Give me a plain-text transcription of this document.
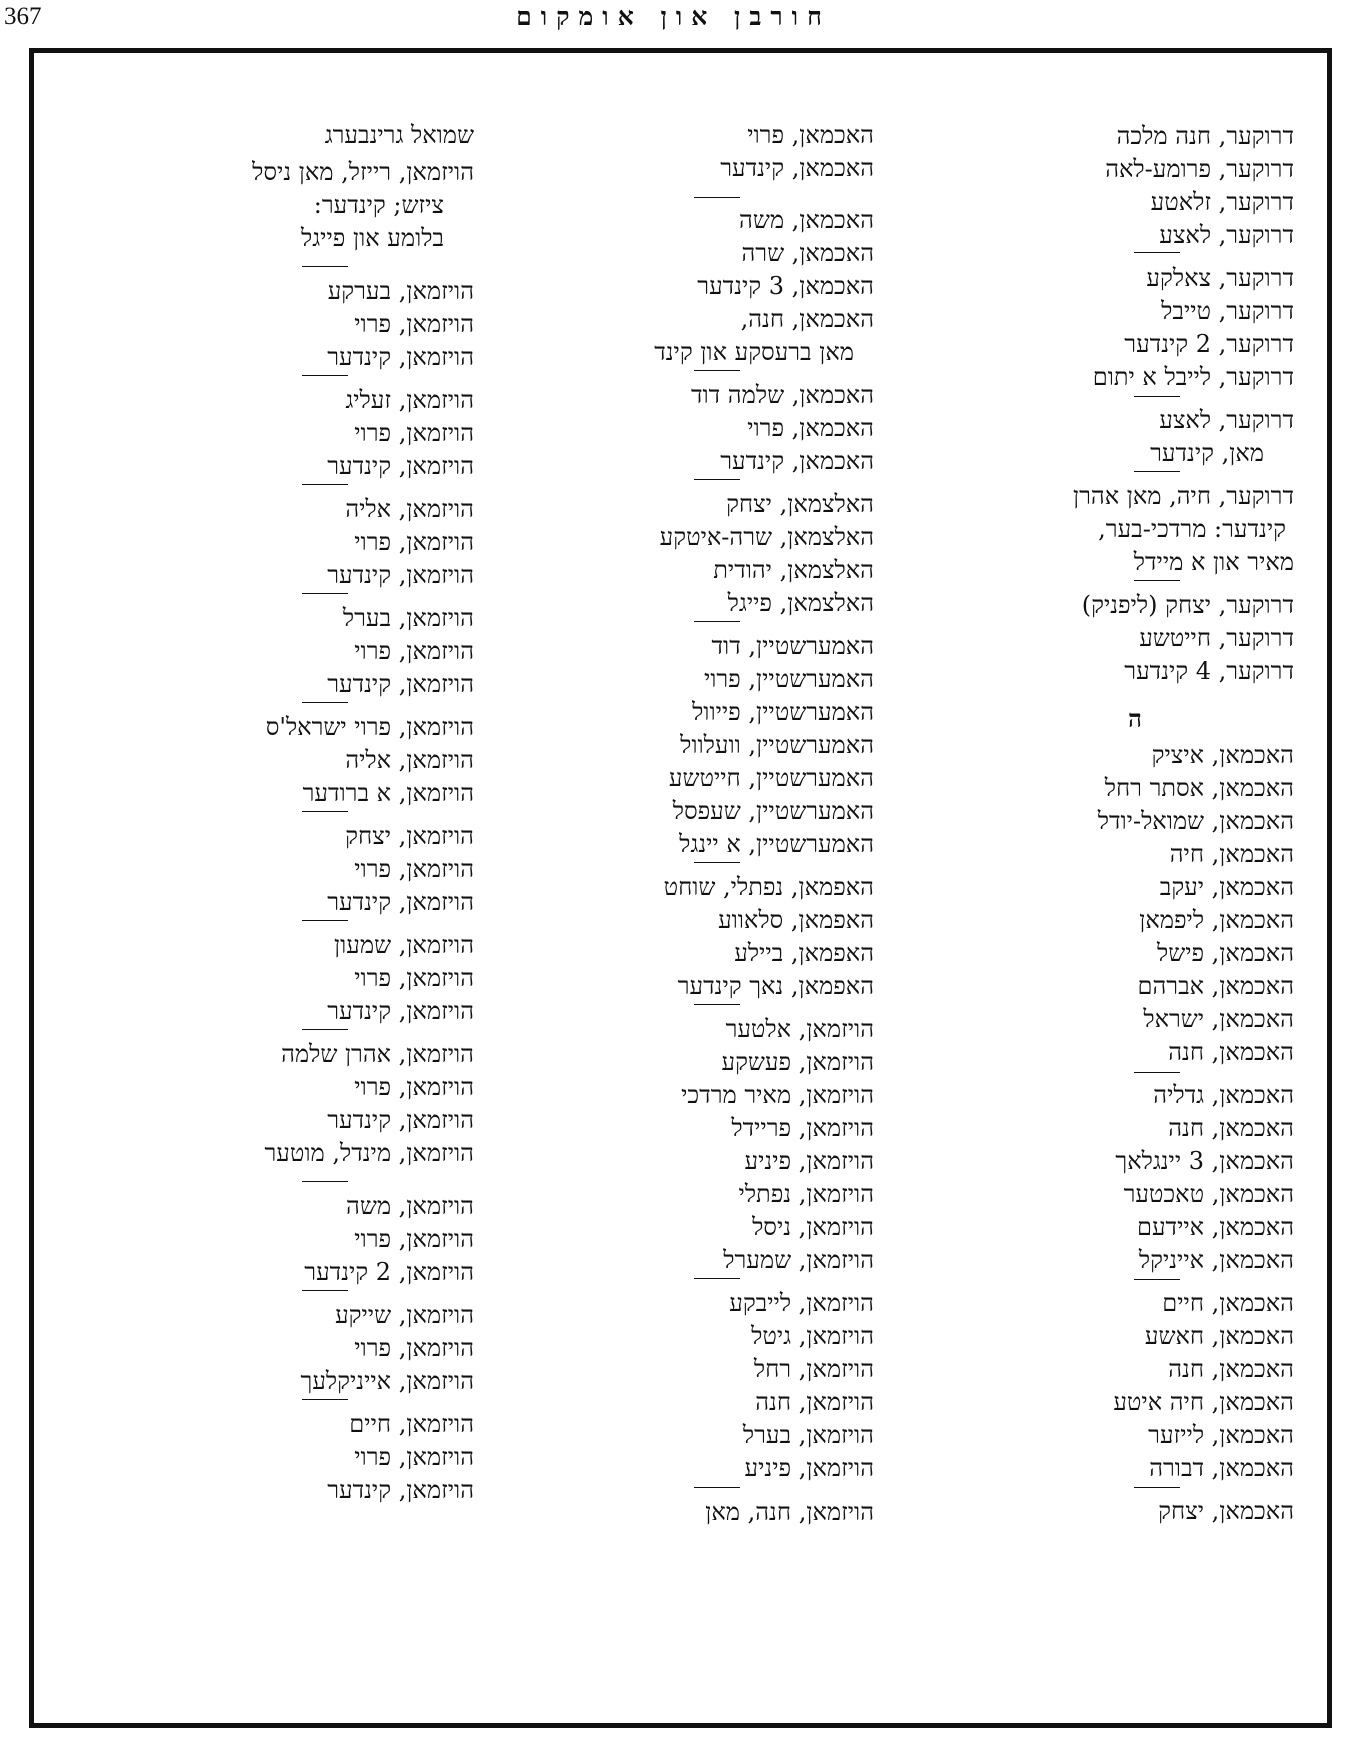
367	חורבן און אומקום
דרוקער, חנה מלכה
דרוקער, פרומע-לאה
דרוקער, זלאטע
דרוקער, לאצע
דרוקער, צאלקע
דרוקער, טייבל
דרוקער, 2 קינדער
דרוקער, לייבל א יתום
דרוקער, לאצע
מאן, קינדער
דרוקער, חיה, מאן אהרן
קינדער: מרדכי-בער,
מאיר און א מיידל
דרוקער, יצחק (ליפניק)
דרוקער, חייטשע
דרוקער, 4 קינדער
האכמאן, איציק
האכמאן, אסתר רחל
האכמאן, שמואל-יודל
האכמאן, חיה
האכמאן, יעקב
האכמאן, ליפמאן
האכמאן, פישל
האכמאן, אברהם
האכמאן, ישראל
האכמאן, חנה
האכמאן, גדליה
האכמאן, חנה
האכמאן, 3 יינגלאך
האכמאן, טאכטער
האכמאן, איידעם
האכמאן, אייניקל
האכמאן, חיים
האכמאן, חאשע
האכמאן, חנה
האכמאן, חיה איטע
האכמאן, לייזער
האכמאן, דבורה
האכמאן, יצחק
האכמאן, פרוי
האכמאן, קינדער
האכמאן, משה
האכמאן, שרה
האכמאן, 3 קינדער
האכמאן, חנה,
מאן ברעסקע און קינד
האכמאן, שלמה דוד
האכמאן, פרוי
האכמאן, קינדער
האלצמאן, יצחק
האלצמאן, שרה-איטקע
האלצמאן, יהודית
האלצמאן, פייגל
האמערשטיין, דוד
האמערשטיין, פרוי
האמערשטיין, פייוול
האמערשטיין, וועלוול
האמערשטיין, חייטשע
האמערשטיין, שעפסל
האמערשטיין, א יינגל
האפמאן, נפתלי, שוחט
האפמאן, סלאווע
האפמאן, ביילע
האפמאן, נאך קינדער
הויזמאן, אלטער
הויזמאן, פעשקע
הויזמאן, מאיר מרדכי
הויזמאן, פריידל
הויזמאן, פיניע
הויזמאן, נפתלי
הויזמאן, ניסל
הויזמאן, שמערל
הויזמאן, לייבקע
הויזמאן, גיטל
הויזמאן, רחל
הויזמאן, חנה
הויזמאן, בערל
הויזמאן, פיניע
הויזמאן, חנה, מאן
שמואל גרינבערג
הויזמאן, רייזל, מאן ניסל
ציזש; קינדער:
בלומע און פייגל
הויזמאן, בערקע
הויזמאן, פרוי
הויזמאן, קינדער
הויזמאן, זעליג
הויזמאן, פרוי
הויזמאן, קינדער
הויזמאן, אליה
הויזמאן, פרוי
הויזמאן, קינדער
הויזמאן, בערל
הויזמאן, פרוי
הויזמאן, קינדער
הויזמאן, פרוי ישראל'ס
הויזמאן, אליה
הויזמאן, א ברודער
הויזמאן, יצחק
הויזמאן, פרוי
הויזמאן, קינדער
הויזמאן, שמעון
הויזמאן, פרוי
הויזמאן, קינדער
הויזמאן, אהרן שלמה
הויזמאן, פרוי
הויזמאן, קינדער
הויזמאן, מינדל, מוטער
הויזמאן, משה
הויזמאן, פרוי
הויזמאן, 2 קינדער
הויזמאן, שייקע
הויזמאן, פרוי
הויזמאן, אייניקלעך
הויזמאן, חיים
הויזמאן, פרוי
הויזמאן, קינדער
ה
